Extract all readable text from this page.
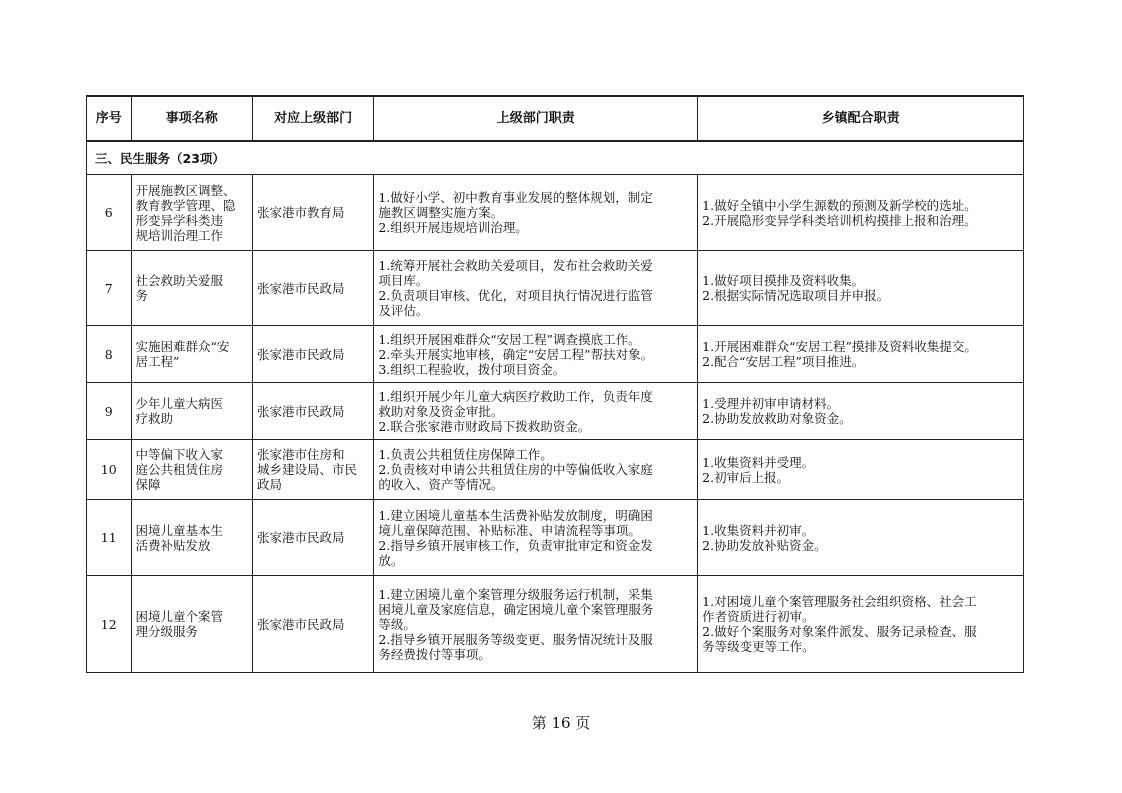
序号	事项名称	对应上级部门	上级部门职责	乡镇配合职责
三、民生服务（23项）				
6	开展施教区调整、
教育教学管理、隐
形变异学科类违
规培训治理工作	张家港市教育局	1.做好小学、初中教育事业发展的整体规划，制定
施教区调整实施方案。
2.组织开展违规培训治理。	1.做好全镇中小学生源数的预测及新学校的选址。
2.开展隐形变异学科类培训机构摸排上报和治理。

7	社会救助关爱服
务	张家港市民政局	1.统筹开展社会救助关爱项目，发布社会救助关爱
项目库。
2.负责项目审核、优化，对项目执行情况进行监管
及评估。	1.做好项目摸排及资料收集。
2.根据实际情况选取项目并申报。

8	实施困难群众“安
居工程”	张家港市民政局	1.组织开展困难群众“安居工程”调查摸底工作。
2.牵头开展实地审核，确定“安居工程”帮扶对象。
3.组织工程验收，拨付项目资金。	1.开展困难群众“安居工程”摸排及资料收集提交。
2.配合“安居工程”项目推进。

9	少年儿童大病医
疗救助	张家港市民政局	1.组织开展少年儿童大病医疗救助工作，负责年度
救助对象及资金审批。
2.联合张家港市财政局下拨救助资金。	1.受理并初审申请材料。
2.协助发放救助对象资金。

10	中等偏下收入家
庭公共租赁住房
保障	张家港市住房和
城乡建设局、市民
政局	1.负责公共租赁住房保障工作。
2.负责核对申请公共租赁住房的中等偏低收入家庭
的收入、资产等情况。	1.收集资料并受理。
2.初审后上报。

11	困境儿童基本生
活费补贴发放	张家港市民政局	1.建立困境儿童基本生活费补贴发放制度，明确困
境儿童保障范围、补贴标准、申请流程等事项。
2.指导乡镇开展审核工作，负责审批审定和资金发
放。	1.收集资料并初审。
2.协助发放补贴资金。

12	困境儿童个案管
理分级服务	张家港市民政局	1.建立困境儿童个案管理分级服务运行机制，采集
困境儿童及家庭信息，确定困境儿童个案管理服务
等级。
2.指导乡镇开展服务等级变更、服务情况统计及服
务经费拨付等事项。	1.对困境儿童个案管理服务社会组织资格、社会工
作者资质进行初审。
2.做好个案服务对象案件派发、服务记录检查、服
务等级变更等工作。
第 16 页
